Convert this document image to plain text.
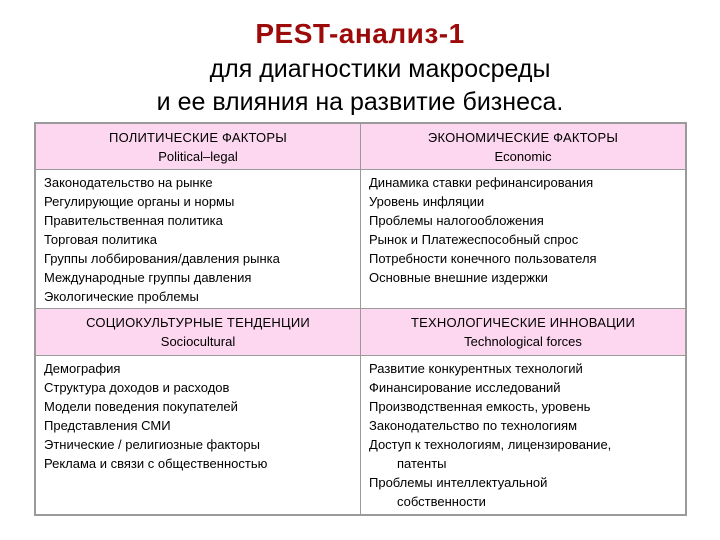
PEST-анализ-1
для диагностики макросреды
и ее влияния на развитие бизнеса.
ПОЛИТИЧЕСКИЕ ФАКТОРЫ
Political–legal
ЭКОНОМИЧЕСКИЕ ФАКТОРЫ
Economic
Законодательство на рынке
Регулирующие органы и нормы
Правительственная политика
Торговая политика
Группы лоббирования/давления рынка
Международные группы давления
Экологические проблемы
Динамика ставки рефинансирования
Уровень инфляции
Проблемы налогообложения
Рынок и Платежеспособный спрос
Потребности конечного пользователя
Основные внешние издержки
СОЦИОКУЛЬТУРНЫЕ ТЕНДЕНЦИИ
Sociocultural
ТЕХНОЛОГИЧЕСКИЕ ИННОВАЦИИ
Technological forces
Демография
Структура доходов и расходов
Модели поведения покупателей
Представления СМИ
Этнические / религиозные факторы
Реклама и связи с общественностью
Развитие конкурентных технологий
Финансирование исследований
Производственная емкость, уровень
Законодательство по технологиям
Доступ к технологиям, лицензирование,
патенты
Проблемы интеллектуальной
собственности
